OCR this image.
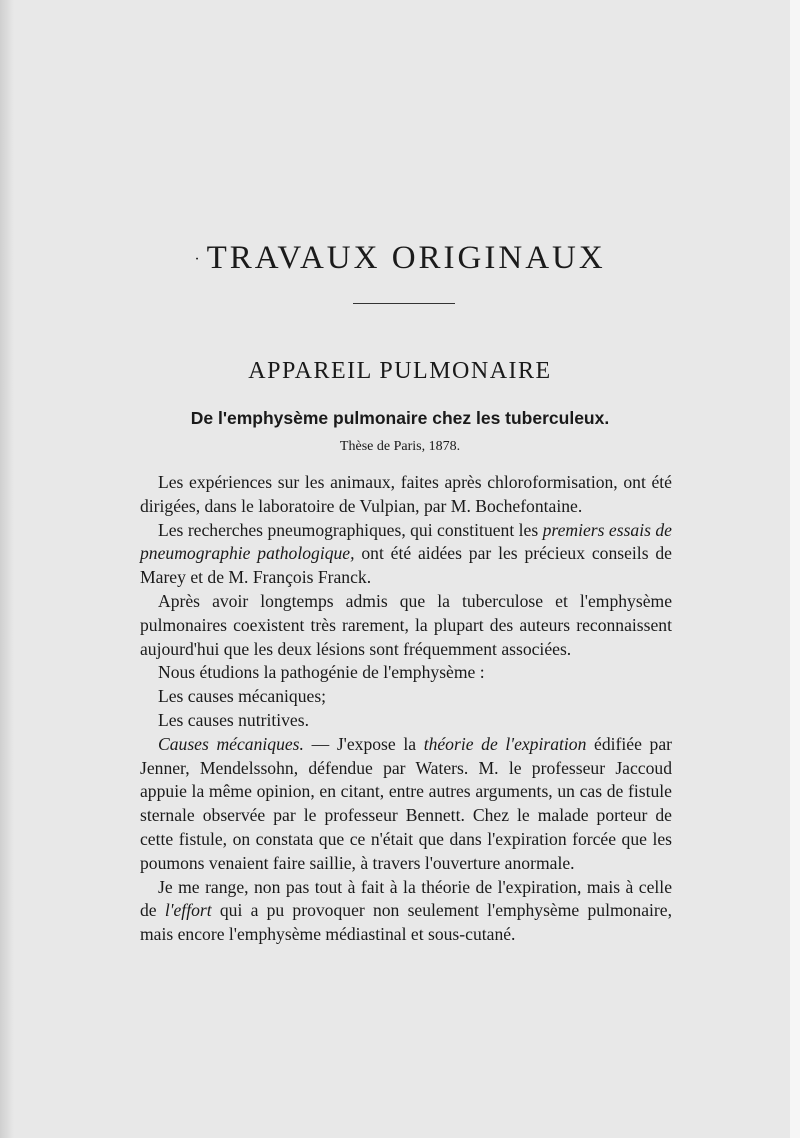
· TRAVAUX ORIGINAUX
APPAREIL PULMONAIRE
De l'emphysème pulmonaire chez les tuberculeux.
Thèse de Paris, 1878.

Les expériences sur les animaux, faites après chloroformisation, ont été dirigées, dans le laboratoire de Vulpian, par M. Bochefontaine.

Les recherches pneumographiques, qui constituent les premiers essais de pneumographie pathologique, ont été aidées par les précieux conseils de Marey et de M. François Franck.

Après avoir longtemps admis que la tuberculose et l'emphysème pulmonaires coexistent très rarement, la plupart des auteurs reconnaissent aujourd'hui que les deux lésions sont fréquemment associées.

Nous étudions la pathogénie de l'emphysème :

Les causes mécaniques;

Les causes nutritives.

Causes mécaniques. — J'expose la théorie de l'expiration édifiée par Jenner, Mendelssohn, défendue par Waters. M. le professeur Jaccoud appuie la même opinion, en citant, entre autres arguments, un cas de fistule sternale observée par le professeur Bennett. Chez le malade porteur de cette fistule, on constata que ce n'était que dans l'expiration forcée que les poumons venaient faire saillie, à travers l'ouverture anormale.

Je me range, non pas tout à fait à la théorie de l'expiration, mais à celle de l'effort qui a pu provoquer non seulement l'emphysème pulmonaire, mais encore l'emphysème médiastinal et sous-cutané.
